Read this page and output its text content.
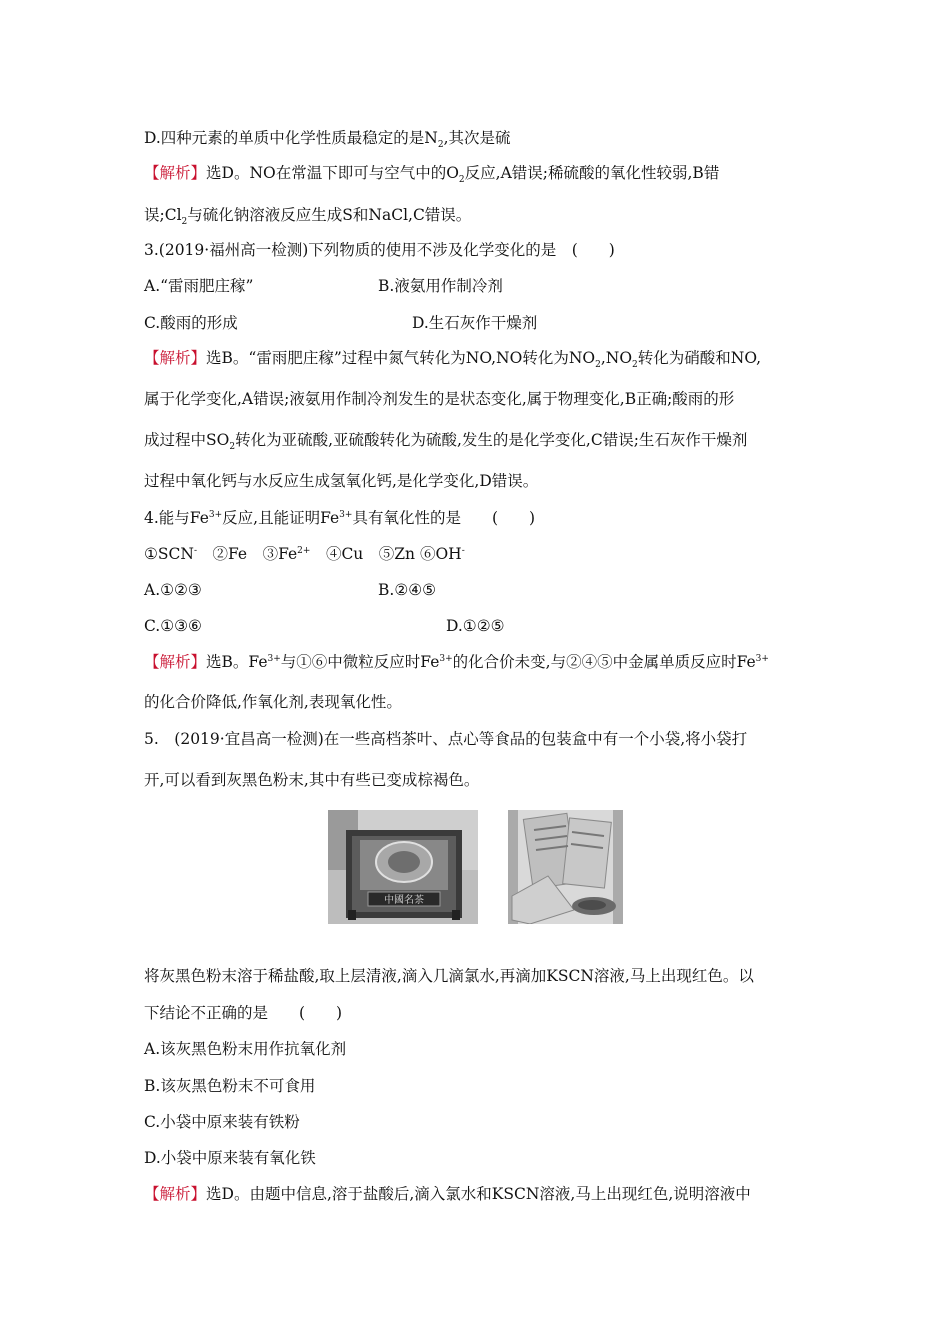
D.四种元素的单质中化学性质最稳定的是$N_2$,其次是硫
【解析】选D。NO在常温下即可与空气中的$O_2$反应,A错误;稀硫酸的氧化性较弱,B错
误$;Cl_2$与硫化钠溶液反应生成S和NaCl,C错误。
3.(2019·福州高一检测)下列物质的使用不涉及化学变化的是　(　　)
A.“雷雨肥庄稼”	B.液氨用作制冷剂
C.酸雨的形成	D.生石灰作干燥剂
【解析】选B。“雷雨肥庄稼”过程中氮气转化为NO,NO转化为$NO_2,NO_2$转化为硝酸和NO,
属于化学变化,A错误;液氨用作制冷剂发生的是状态变化,属于物理变化,B正确;酸雨的形
成过程中$SO_2$转化为亚硫酸,亚硫酸转化为硫酸,发生的是化学变化,C错误;生石灰作干燥剂
过程中氧化钙与水反应生成氢氧化钙,是化学变化,D错误。
4.能与$Fe^{3+}$反应,且能证明$Fe^{3+}$具有氧化性的是　　(　　)
①SCN-　②Fe　$③Fe^{2+}$　④Cu　⑤Zn ⑥OH-
A.①②③	B.②④⑤
C.①③⑥	D.①②⑤
【解析】选B。$Fe^{3+}$与①⑥中微粒反应时$Fe^{3+}$的化合价未变,与②④⑤中金属单质反应时$Fe^{3+}$
的化合价降低,作氧化剂,表现氧化性。
5.　(2019·宜昌高一检测)在一些高档茶叶、点心等食品的包装盒中有一个小袋,将小袋打
开,可以看到灰黑色粉末,其中有些已变成棕褐色。
中國名茶
将灰黑色粉末溶于稀盐酸,取上层清液,滴入几滴氯水,再滴加KSCN溶液,马上出现红色。以
下结论不正确的是　　(　　)
A.该灰黑色粉末用作抗氧化剂
B.该灰黑色粉末不可食用
C.小袋中原来装有铁粉
D.小袋中原来装有氧化铁
【解析】选D。由题中信息,溶于盐酸后,滴入氯水和KSCN溶液,马上出现红色,说明溶液中
